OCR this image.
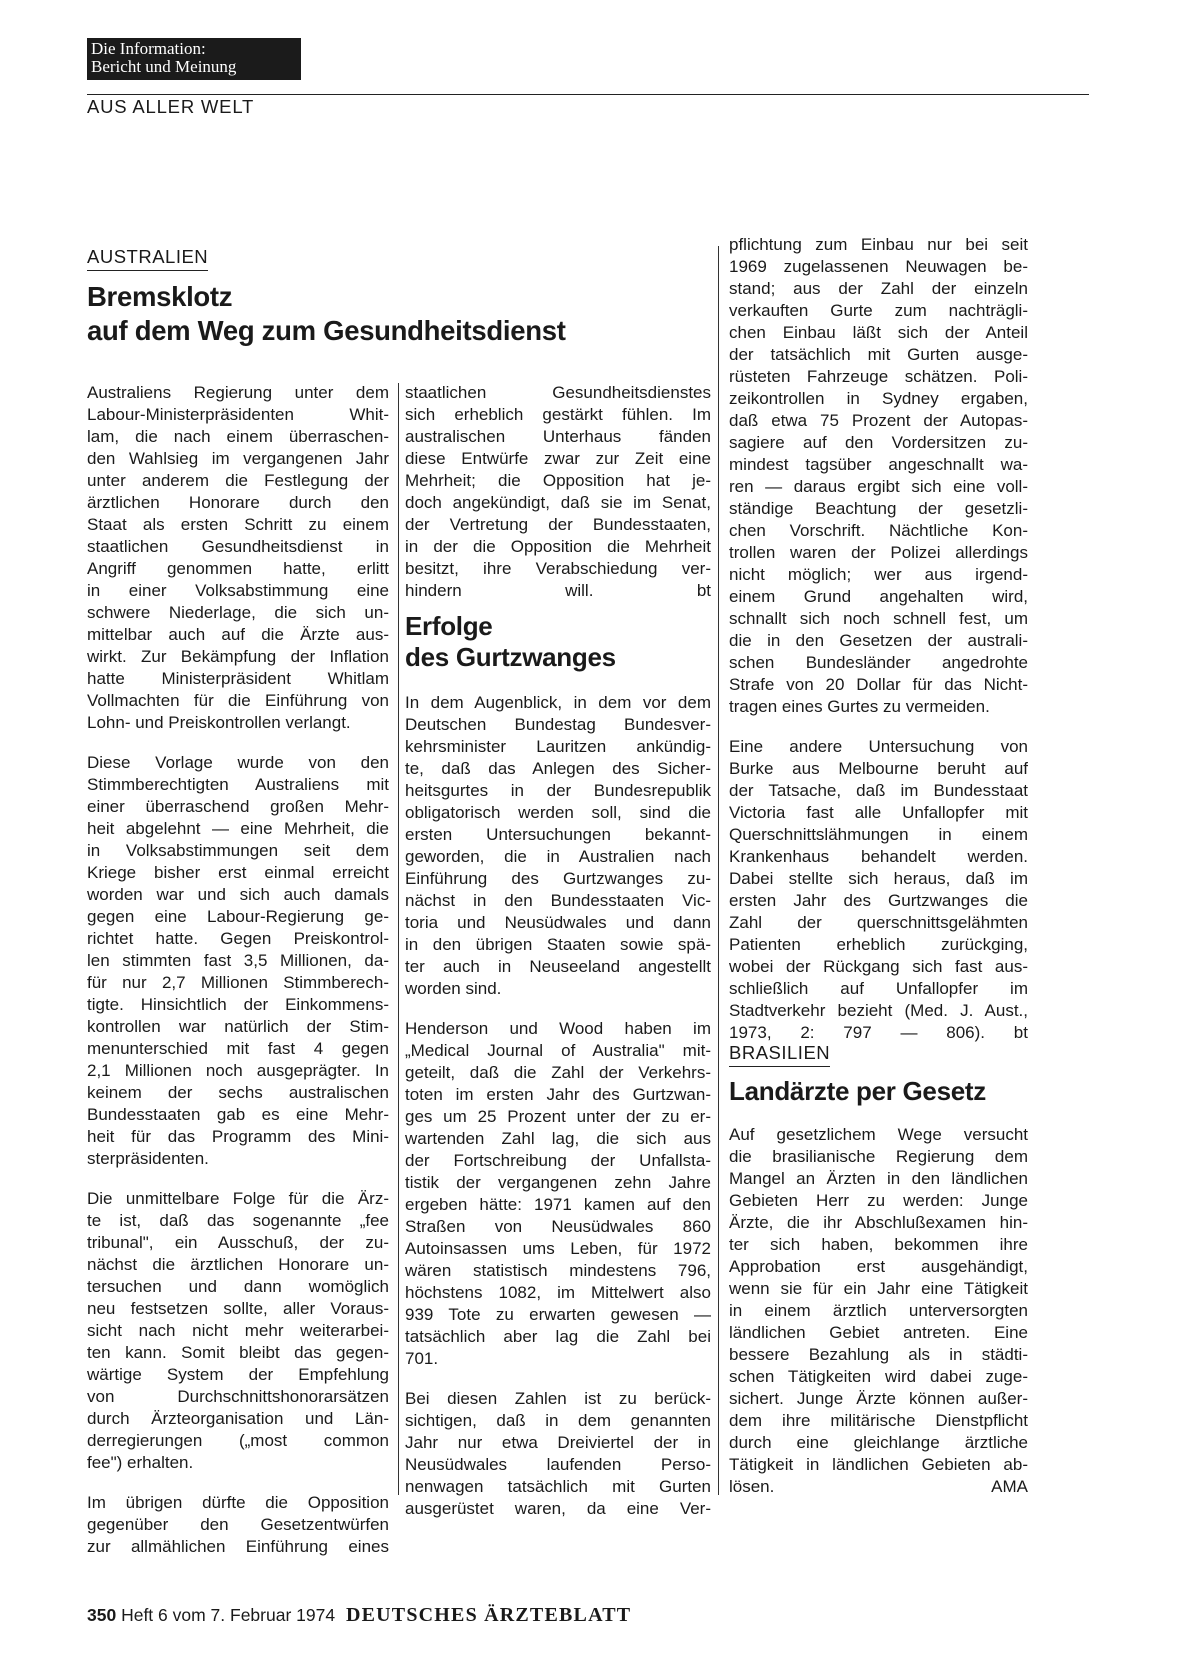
Die Information:
Bericht und Meinung
AUS ALLER WELT
AUSTRALIEN
Bremsklotz
auf dem Weg zum Gesundheitsdienst
Australiens Regierung unter dem
Labour-Ministerpräsidenten Whit-
lam, die nach einem überraschen-
den Wahlsieg im vergangenen Jahr
unter anderem die Festlegung der
ärztlichen Honorare durch den
Staat als ersten Schritt zu einem
staatlichen Gesundheitsdienst in
Angriff genommen hatte, erlitt
in einer Volksabstimmung eine
schwere Niederlage, die sich un-
mittelbar auch auf die Ärzte aus-
wirkt. Zur Bekämpfung der Inflation
hatte Ministerpräsident Whitlam
Vollmachten für die Einführung von
Lohn- und Preiskontrollen verlangt.
Diese Vorlage wurde von den
Stimmberechtigten Australiens mit
einer überraschend großen Mehr-
heit abgelehnt — eine Mehrheit, die
in Volksabstimmungen seit dem
Kriege bisher erst einmal erreicht
worden war und sich auch damals
gegen eine Labour-Regierung ge-
richtet hatte. Gegen Preiskontrol-
len stimmten fast 3,5 Millionen, da-
für nur 2,7 Millionen Stimmberech-
tigte. Hinsichtlich der Einkommens-
kontrollen war natürlich der Stim-
menunterschied mit fast 4 gegen
2,1 Millionen noch ausgeprägter. In
keinem der sechs australischen
Bundesstaaten gab es eine Mehr-
heit für das Programm des Mini-
sterpräsidenten.
Die unmittelbare Folge für die Ärz-
te ist, daß das sogenannte „fee
tribunal", ein Ausschuß, der zu-
nächst die ärztlichen Honorare un-
tersuchen und dann womöglich
neu festsetzen sollte, aller Voraus-
sicht nach nicht mehr weiterarbei-
ten kann. Somit bleibt das gegen-
wärtige System der Empfehlung
von Durchschnittshonorarsätzen
durch Ärzteorganisation und Län-
derregierungen („most common
fee") erhalten.
Im übrigen dürfte die Opposition
gegenüber den Gesetzentwürfen
zur allmählichen Einführung eines
staatlichen Gesundheitsdienstes
sich erheblich gestärkt fühlen. Im
australischen Unterhaus fänden
diese Entwürfe zwar zur Zeit eine
Mehrheit; die Opposition hat je-
doch angekündigt, daß sie im Senat,
der Vertretung der Bundesstaaten,
in der die Opposition die Mehrheit
besitzt, ihre Verabschiedung ver-
hindern will.	bt
Erfolge
des Gurtzwanges
In dem Augenblick, in dem vor dem
Deutschen Bundestag Bundesver-
kehrsminister Lauritzen ankündig-
te, daß das Anlegen des Sicher-
heitsgurtes in der Bundesrepublik
obligatorisch werden soll, sind die
ersten Untersuchungen bekannt-
geworden, die in Australien nach
Einführung des Gurtzwanges zu-
nächst in den Bundesstaaten Vic-
toria und Neusüdwales und dann
in den übrigen Staaten sowie spä-
ter auch in Neuseeland angestellt
worden sind.
Henderson und Wood haben im
„Medical Journal of Australia" mit-
geteilt, daß die Zahl der Verkehrs-
toten im ersten Jahr des Gurtzwan-
ges um 25 Prozent unter der zu er-
wartenden Zahl lag, die sich aus
der Fortschreibung der Unfallsta-
tistik der vergangenen zehn Jahre
ergeben hätte: 1971 kamen auf den
Straßen von Neusüdwales 860
Autoinsassen ums Leben, für 1972
wären statistisch mindestens 796,
höchstens 1082, im Mittelwert also
939 Tote zu erwarten gewesen —
tatsächlich aber lag die Zahl bei
701.
Bei diesen Zahlen ist zu berück-
sichtigen, daß in dem genannten
Jahr nur etwa Dreiviertel der in
Neusüdwales laufenden Perso-
nenwagen tatsächlich mit Gurten
ausgerüstet waren, da eine Ver-
pflichtung zum Einbau nur bei seit
1969 zugelassenen Neuwagen be-
stand; aus der Zahl der einzeln
verkauften Gurte zum nachträgli-
chen Einbau läßt sich der Anteil
der tatsächlich mit Gurten ausge-
rüsteten Fahrzeuge schätzen. Poli-
zeikontrollen in Sydney ergaben,
daß etwa 75 Prozent der Autopas-
sagiere auf den Vordersitzen zu-
mindest tagsüber angeschnallt wa-
ren — daraus ergibt sich eine voll-
ständige Beachtung der gesetzli-
chen Vorschrift. Nächtliche Kon-
trollen waren der Polizei allerdings
nicht möglich; wer aus irgend-
einem Grund angehalten wird,
schnallt sich noch schnell fest, um
die in den Gesetzen der australi-
schen Bundesländer angedrohte
Strafe von 20 Dollar für das Nicht-
tragen eines Gurtes zu vermeiden.
Eine andere Untersuchung von
Burke aus Melbourne beruht auf
der Tatsache, daß im Bundesstaat
Victoria fast alle Unfallopfer mit
Querschnittslähmungen in einem
Krankenhaus behandelt werden.
Dabei stellte sich heraus, daß im
ersten Jahr des Gurtzwanges die
Zahl der querschnittsgelähmten
Patienten erheblich zurückging,
wobei der Rückgang sich fast aus-
schließlich auf Unfallopfer im
Stadtverkehr bezieht (Med. J. Aust.,
1973, 2: 797 — 806). bt
BRASILIEN
Landärzte per Gesetz
Auf gesetzlichem Wege versucht
die brasilianische Regierung dem
Mangel an Ärzten in den ländlichen
Gebieten Herr zu werden: Junge
Ärzte, die ihr Abschlußexamen hin-
ter sich haben, bekommen ihre
Approbation erst ausgehändigt,
wenn sie für ein Jahr eine Tätigkeit
in einem ärztlich unterversorgten
ländlichen Gebiet antreten. Eine
bessere Bezahlung als in städti-
schen Tätigkeiten wird dabei zuge-
sichert. Junge Ärzte können außer-
dem ihre militärische Dienstpflicht
durch eine gleichlange ärztliche
Tätigkeit in ländlichen Gebieten ab-
lösen.	AMA
350 Heft 6 vom 7. Februar 1974 DEUTSCHES ÄRZTEBLATT
